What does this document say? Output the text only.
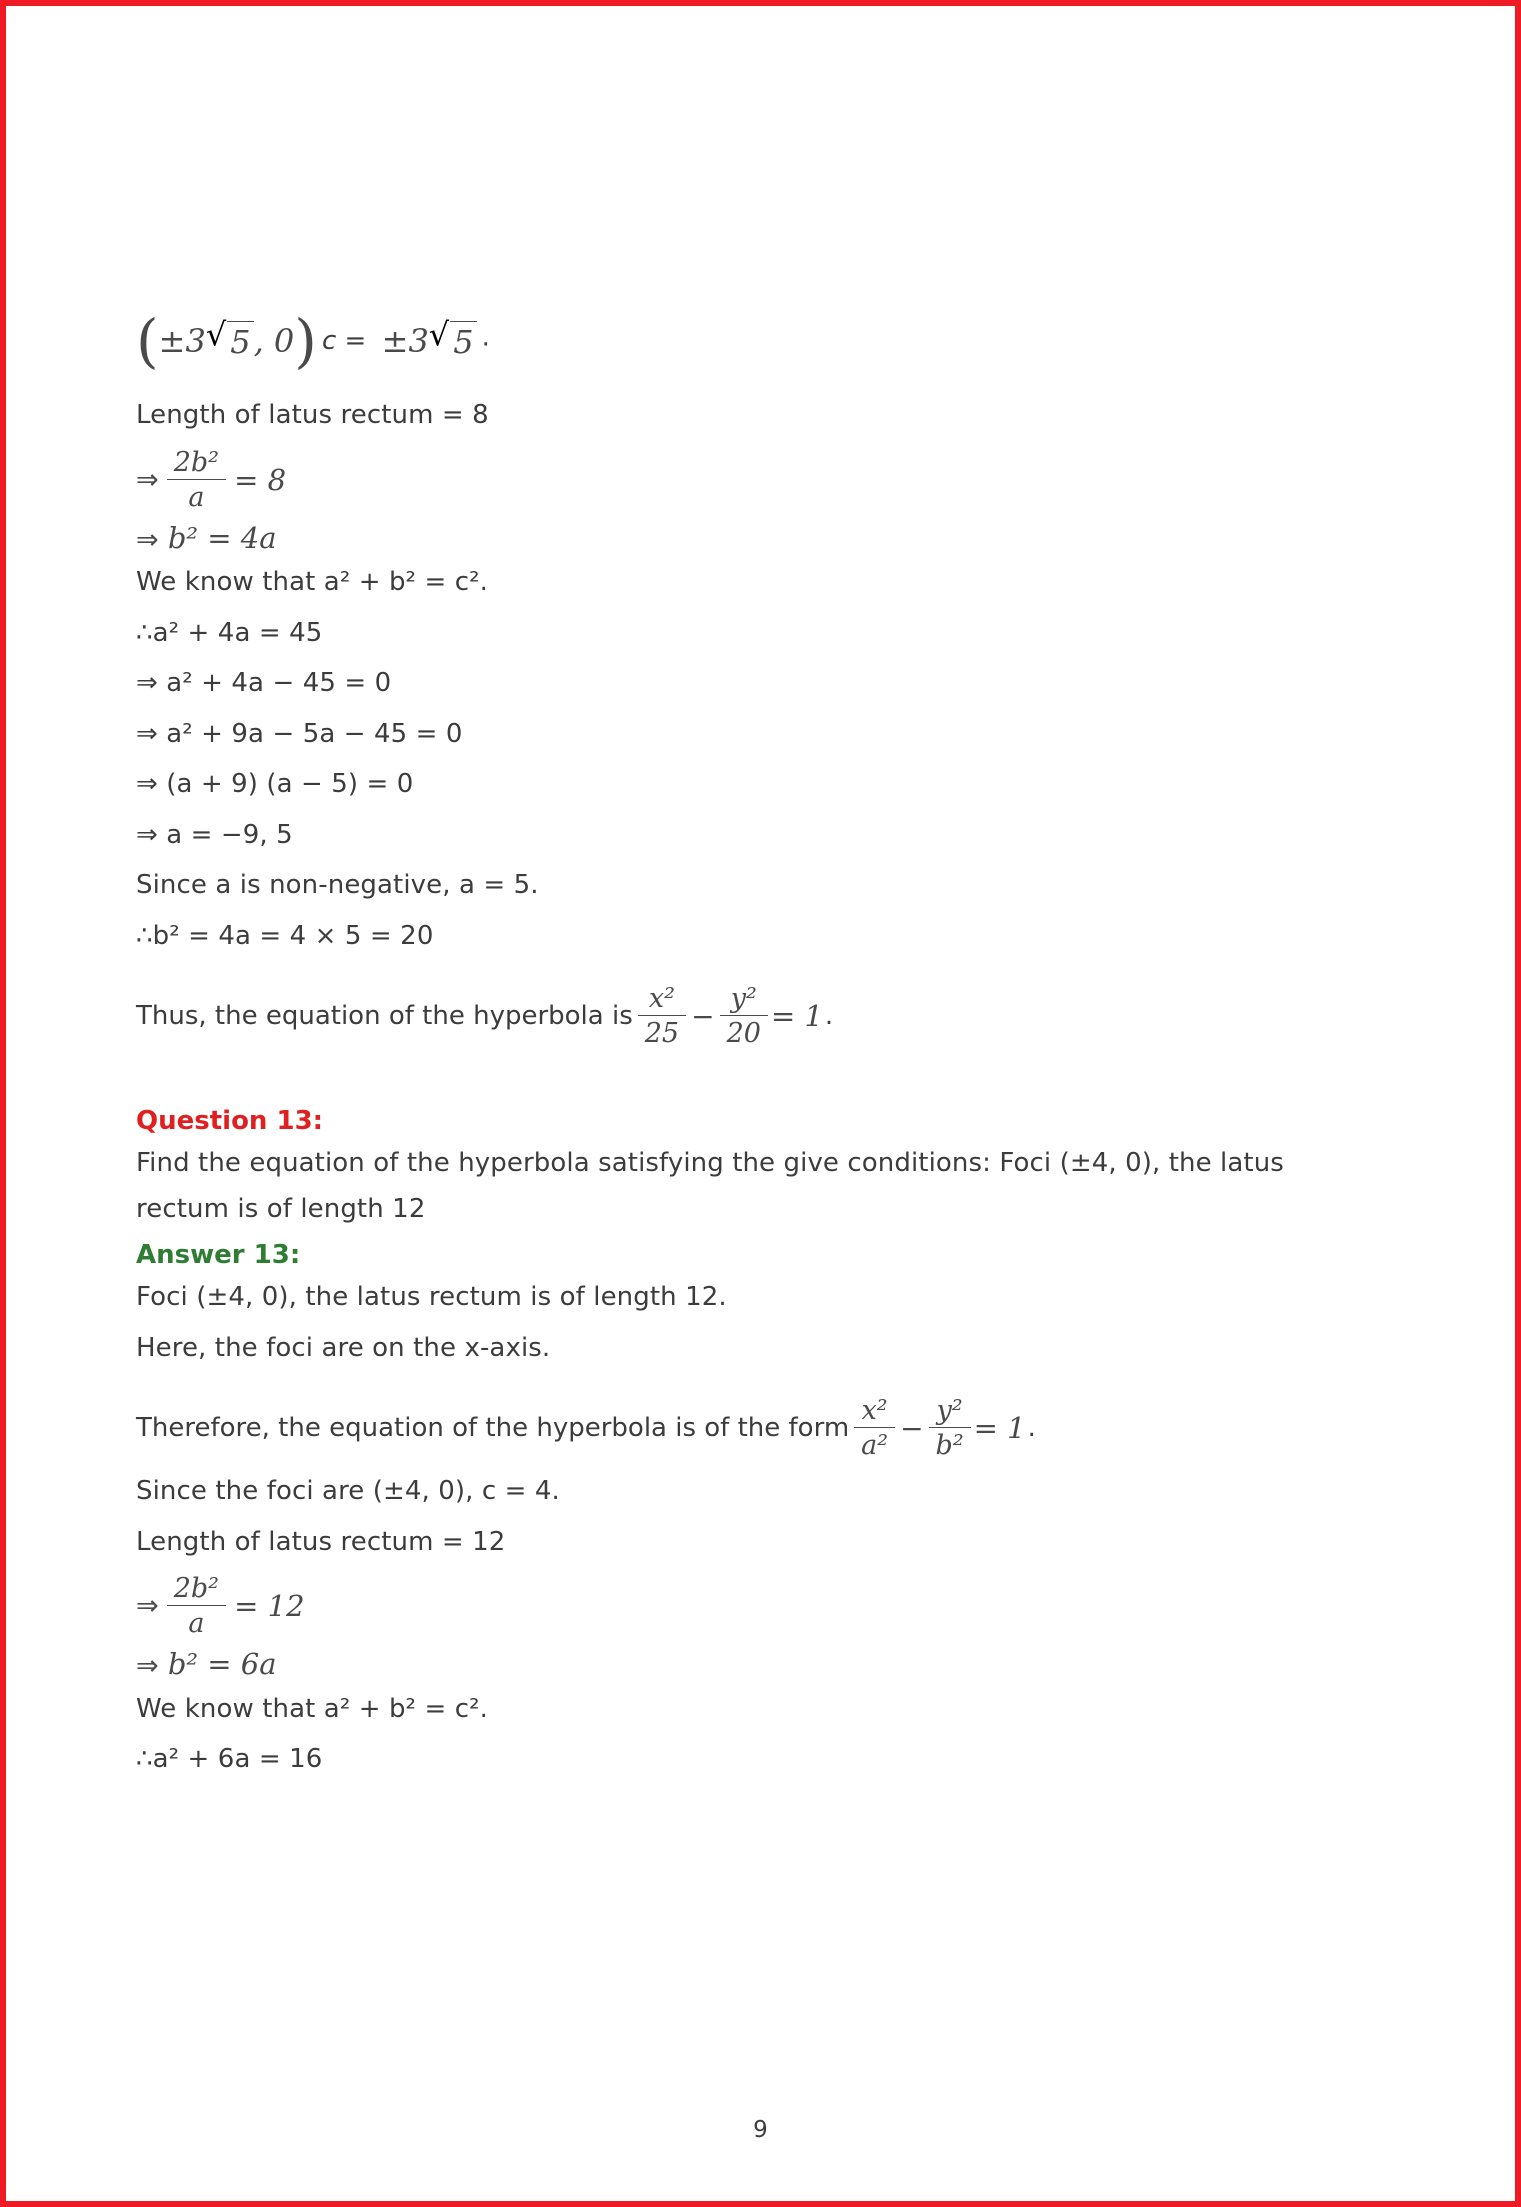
(±3√ 5, 0) c = ±3√ 5 .

Length of latus rectum = 8

⇒ $\frac{\text{2b²}}{a} = 8$
⇒ b² = 4a

We know that a² + b² = c².

∴a² + 4a = 45

⇒ a² + 4a − 45 = 0

⇒ a² + 9a − 5a − 45 = 0

⇒ (a + 9) (a − 5) = 0

⇒ a = −9, 5

Since a is non-negative, a = 5.

∴b² = 4a = 4 × 5 = 20

Thus, the equation of the hyperbola is $\frac{\text{x²}}{25} - \frac{\text{y²}}{20} = 1$ .

Question 13:

Find the equation of the hyperbola satisfying the give conditions: Foci (±4, 0), the latus

rectum is of length 12

Answer 13:

Foci (±4, 0), the latus rectum is of length 12.

Here, the foci are on the x-axis.

Therefore, the equation of the hyperbola is of the form $\frac{\text{x²}}{\text{a²}} - \frac{\text{y²}}{\text{b²}} = 1$ .

Since the foci are (±4, 0), c = 4.

Length of latus rectum = 12

⇒ $\frac{\text{2b²}}{a} = 12$
⇒ b² = 6a

We know that a² + b² = c².

∴a² + 6a = 16

9
